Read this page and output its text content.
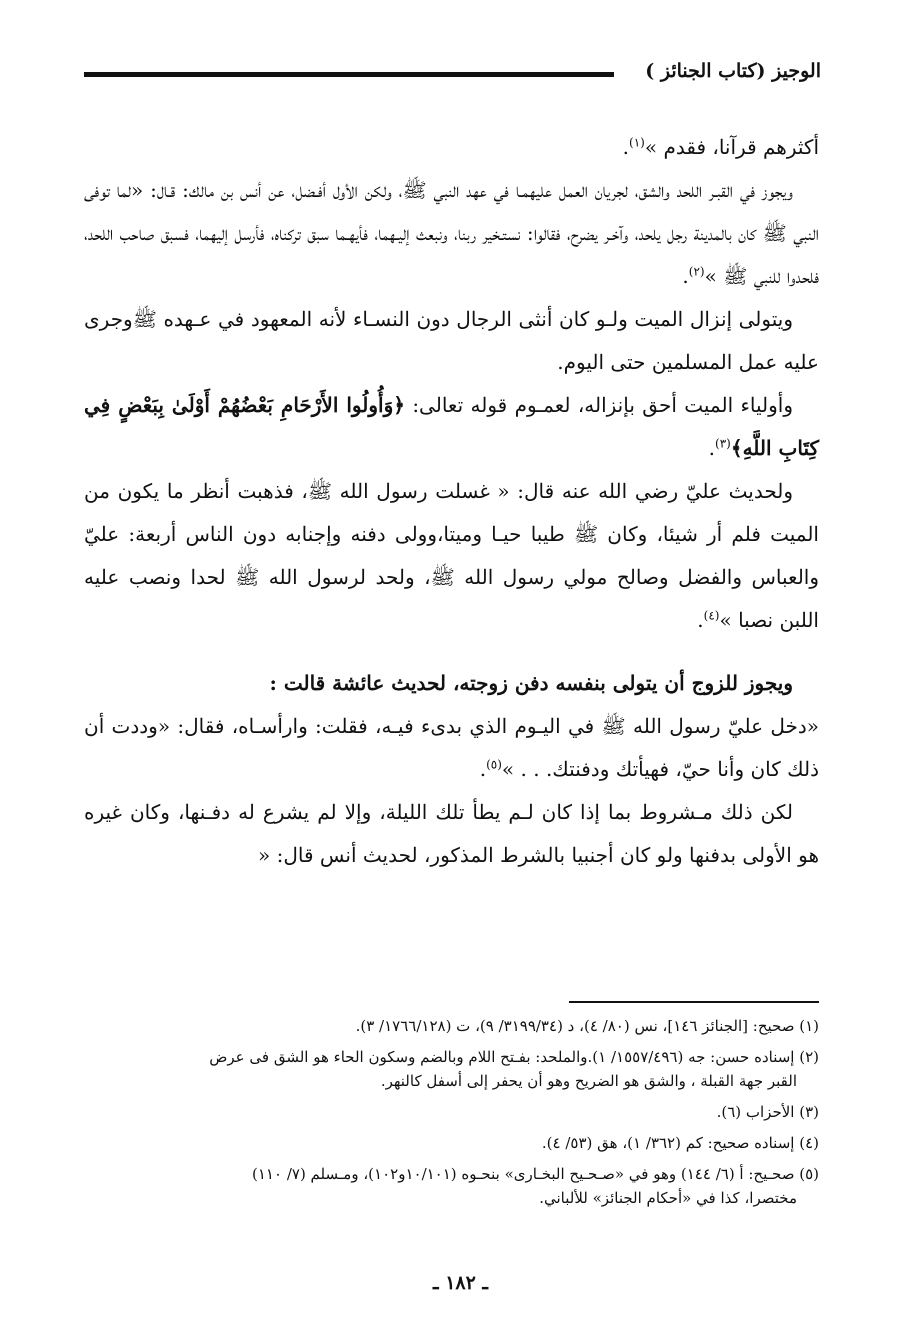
الوجيز (كتاب الجنائز )

أكثرهم قرآنا، فقدم »$^{(١)}$.

ويجوز في القبـر اللحد والشق، لجريان العمل عليهمـا في عهد النبي ﷺ، ولكن الأول أفـضل، عن أنس بن مالك: قـال: «لما توفى النبي ﷺ كان بالمدينة رجل يلحد، وآخـر يضرح، فقالوا: نستـخير ربنا، ونبعث إليـهما، فأيهـما سبق تركناه، فأرسل إليهما، فسبق صاحب اللحد، فلحدوا للنبي ﷺ »$^{(٢)}$.

ويتولى إنزال الميت ولـو كان أنثى الرجال دون النسـاء لأنه المعهود في عـهده ﷺوجرى عليه عمل المسلمين حتى اليوم.

وأولياء الميت أحق بإنزاله، لعمـوم قوله تعالى: ﴿وَأُولُوا الأَرْحَامِ بَعْضُهُمْ أَوْلَىٰ بِبَعْضٍ فِي كِتَابِ اللَّهِ﴾$^{(٣)}$.

ولحديث عليّ رضي الله عنه قال: « غسلت رسول الله ﷺ، فذهبت أنظر ما يكون من الميت فلم أر شيئا، وكان ﷺ طيبا حيـا وميتا،وولى دفنه وإجنابه دون الناس أربعة: عليّ والعباس والفضل وصالح مولي رسول الله ﷺ، ولحد لرسول الله ﷺ لحدا ونصب عليه اللبن نصبا »$^{(٤)}$.

ويجوز للزوج أن يتولى بنفسه دفن زوجته، لحديث عائشة قالت :

«دخل عليّ رسول الله ﷺ في اليـوم الذي بدىء فيـه، فقلت: وارأسـاه، فقال: «وددت أن ذلك كان وأنا حيّ، فهيأتك ودفنتك. . . »$^{(٥)}$.

لكن ذلك مـشروط بما إذا كان لـم يطأ تلك الليلة، وإلا لم يشرع له دفـنها، وكان غيره هو الأولى بدفنها ولو كان أجنبيا بالشرط المذكور، لحديث أنس قال: «

(١) صحيح: [الجنائز ١٤٦]، نس (٨٠/ ٤)، د (٣١٩٩/٣٤/ ٩)، ت (١٧٦٦/١٢٨/ ٣).

(٢) إسناده حسن: جه (١٥٥٧/٤٩٦/ ١).والملحد: بفـتح اللام وبالضم وسكون الحاء هو الشق فى عرض

القبر جهة القبلة ، والشق هو الضريح وهو أن يحفر إلى أسفل كالنهر.

(٣) الأحزاب (٦).

(٤) إسناده صحيح: كم (٣٦٢/ ١)، هق (٥٣/ ٤).

(٥) صحـيح: أ (٦/ ١٤٤) وهو في «صـحـيح البخـارى» بنحـوه (١٠/١٠١و١٠٢)، ومـسلم (٧/ ١١٠)

مختصرا، كذا في «أحكام الجنائز» للألباني.

ـ ١٨٢ ـ
